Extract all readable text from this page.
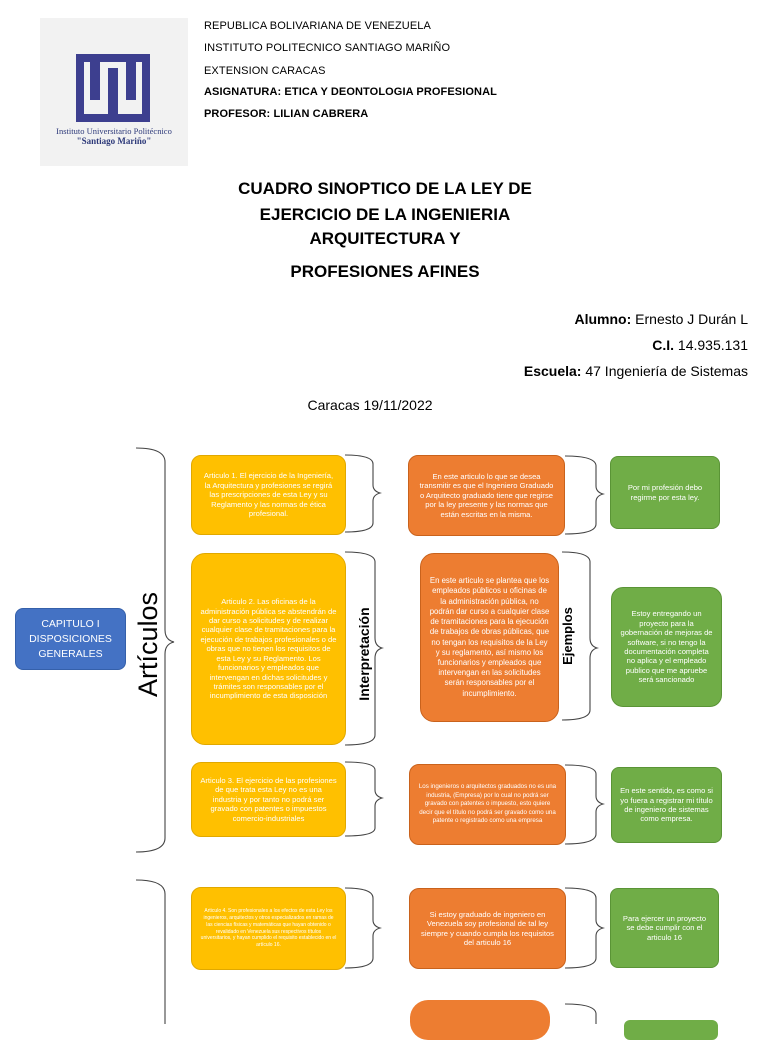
Instituto Universitario Politécnico
"Santiago Mariño"
REPUBLICA BOLIVARIANA DE VENEZUELA
INSTITUTO POLITECNICO SANTIAGO MARIÑO
EXTENSION CARACAS
ASIGNATURA: ETICA Y DEONTOLOGIA PROFESIONAL
PROFESOR: LILIAN CABRERA
CUADRO SINOPTICO DE LA LEY DE
EJERCICIO DE LA INGENIERIA
ARQUITECTURA Y
PROFESIONES AFINES
Alumno: Ernesto J Durán L
C.I. 14.935.131
Escuela: 47 Ingeniería de Sistemas
Caracas 19/11/2022
CAPITULO I DISPOSICIONES GENERALES	Artículos	Interpretación	Ejemplos
Articulo 1. El ejercicio de la Ingeniería, la Arquitectura y profesiones se regirá las prescripciones de esta Ley y su Reglamento y las normas de ética profesional.
En este articulo lo que se desea transmitir es que el Ingeniero Graduado o Arquitecto graduado tiene que regirse por la ley presente y las normas que están escritas en la misma.
Por mi profesión debo regirme por esta ley.
Articulo 2. Las oficinas de la administración pública se abstendrán de dar curso a solicitudes y de realizar cualquier clase de tramitaciones para la ejecución de trabajos profesionales o de obras que no tienen los requisitos de esta Ley y su Reglamento. Los funcionarios y empleados que intervengan en dichas solicitudes y trámites son responsables por el incumplimiento de esta disposición
En este articulo se plantea que los empleados públicos u oficinas de la administración pública, no podrán dar curso a cualquier clase de tramitaciones para la ejecución de trabajos de obras públicas, que no tengan los requisitos de la Ley y su reglamento, así mismo los funcionarios y empleados que intervengan en las solicitudes serán responsables por el incumplimiento.
Estoy entregando un proyecto para la gobernación de mejoras de software, si no tengo la documentación completa no aplica y el empleado publico que me apruebe será sancionado
Articulo 3. El ejercicio de las profesiones de que trata esta Ley no es una industria y por tanto no podrá ser gravado con patentes o impuestos comercio-industriales
Los ingenieros o arquitectos graduados no es una industria, (Empresa) por lo cual no podrá ser gravado con patentes o impuesto, esto quiere decir que el título no podrá ser gravado como una patente o registrado como una empresa
En este sentido, es como si yo fuera a registrar mi título de ingeniero de sistemas como empresa.
Articulo 4. Son profesionales a los efectos de esta Ley los ingenieros, arquitectos y otros especializados en ramas de las ciencias físicas y matemáticas que hayan obtenido o revalidado en Venezuela sus respectivos títulos universitarios, y hayan cumplido el requisito establecido en el artículo 16.
Si estoy graduado de ingeniero en Venezuela soy profesional de tal ley siempre y cuando cumpla los requisitos del articulo 16
Para ejercer un proyecto se debe cumplir con el articulo 16
